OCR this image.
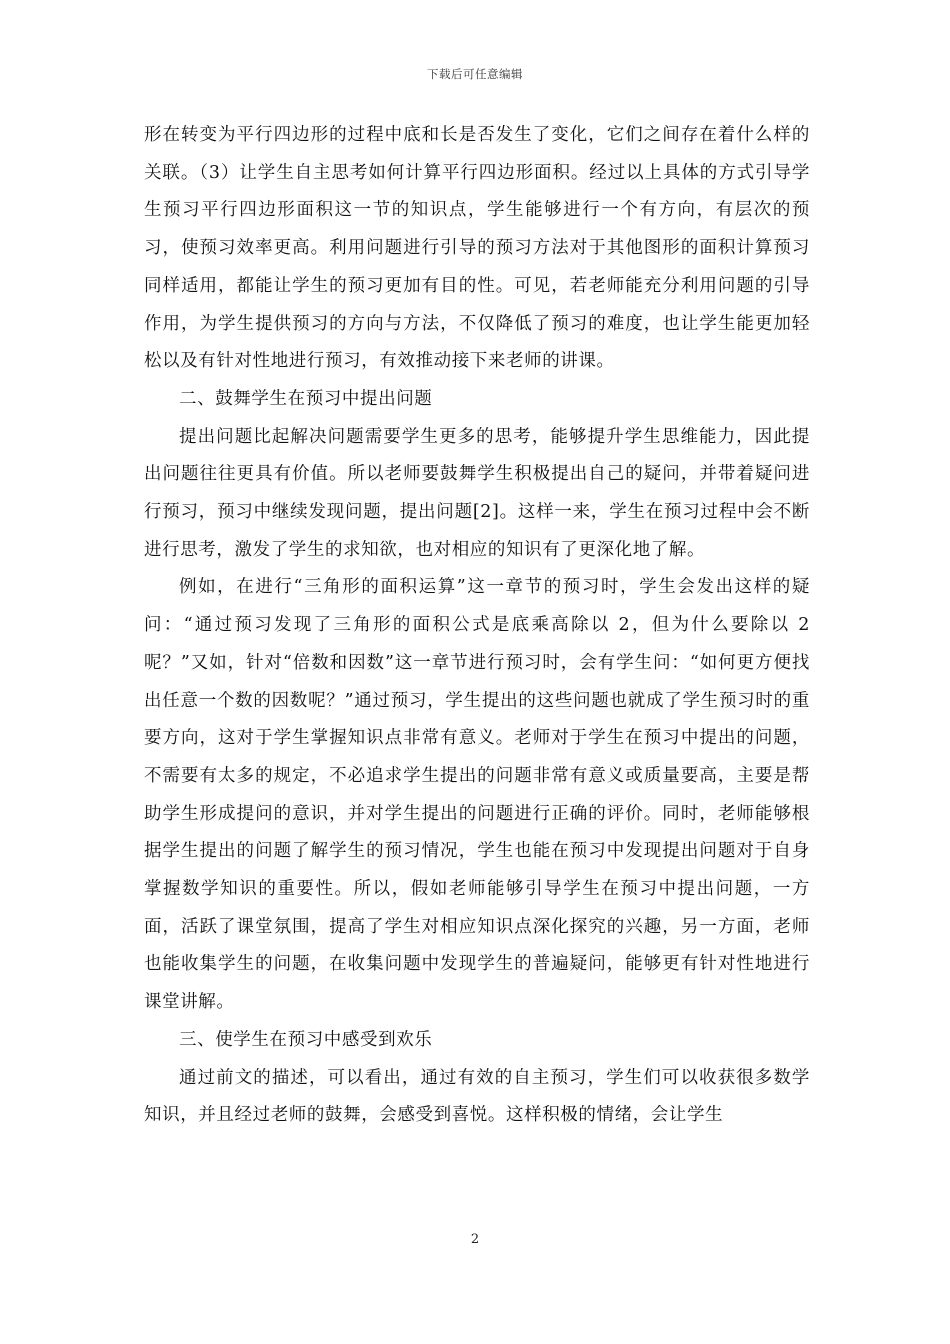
下载后可任意编辑

形在转变为平行四边形的过程中底和长是否发生了变化，它们之间存在着什么样的关联。（3）让学生自主思考如何计算平行四边形面积。经过以上具体的方式引导学生预习平行四边形面积这一节的知识点，学生能够进行一个有方向，有层次的预习，使预习效率更高。利用问题进行引导的预习方法对于其他图形的面积计算预习同样适用，都能让学生的预习更加有目的性。可见，若老师能充分利用问题的引导作用，为学生提供预习的方向与方法，不仅降低了预习的难度，也让学生能更加轻松以及有针对性地进行预习，有效推动接下来老师的讲课。

二、鼓舞学生在预习中提出问题

提出问题比起解决问题需要学生更多的思考，能够提升学生思维能力，因此提出问题往往更具有价值。所以老师要鼓舞学生积极提出自己的疑问，并带着疑问进行预习，预习中继续发现问题，提出问题[2]。这样一来，学生在预习过程中会不断进行思考，激发了学生的求知欲，也对相应的知识有了更深化地了解。

例如，在进行“三角形的面积运算”这一章节的预习时，学生会发出这样的疑问：“通过预习发现了三角形的面积公式是底乘高除以 2，但为什么要除以 2 呢？”又如，针对“倍数和因数”这一章节进行预习时，会有学生问：“如何更方便找出任意一个数的因数呢？”通过预习，学生提出的这些问题也就成了学生预习时的重要方向，这对于学生掌握知识点非常有意义。老师对于学生在预习中提出的问题，不需要有太多的规定，不必追求学生提出的问题非常有意义或质量要高，主要是帮助学生形成提问的意识，并对学生提出的问题进行正确的评价。同时，老师能够根据学生提出的问题了解学生的预习情况，学生也能在预习中发现提出问题对于自身掌握数学知识的重要性。所以，假如老师能够引导学生在预习中提出问题，一方面，活跃了课堂氛围，提高了学生对相应知识点深化探究的兴趣，另一方面，老师也能收集学生的问题，在收集问题中发现学生的普遍疑问，能够更有针对性地进行课堂讲解。

三、使学生在预习中感受到欢乐

通过前文的描述，可以看出，通过有效的自主预习，学生们可以收获很多数学知识，并且经过老师的鼓舞，会感受到喜悦。这样积极的情绪，会让学生

2
